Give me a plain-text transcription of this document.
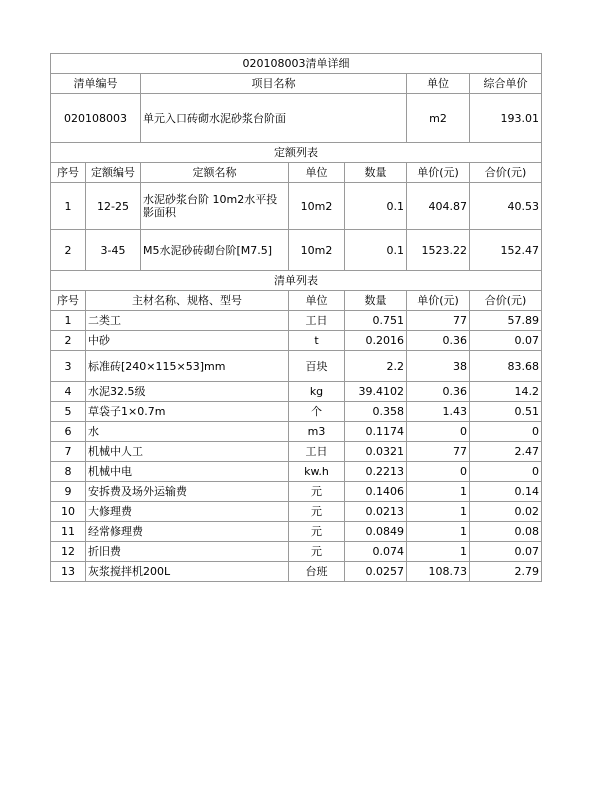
020108003清单详细						
清单编号		项目名称			单位	综合单价
020108003		单元入口砖砌水泥砂浆台阶面			m2	193.01
定额列表						
序号	定额编号	定额名称	单位	数量	单价(元)	合价(元)
1	12-25	水泥砂浆台阶 10m2水平投影面积	10m2	0.1	404.87	40.53
2	3-45	M5水泥砂砖砌台阶[M7.5]	10m2	0.1	1523.22	152.47
清单列表						
序号	主材名称、规格、型号		单位	数量	单价(元)	合价(元)
1	二类工		工日	0.751	77	57.89
2	中砂		t	0.2016	0.36	0.07
3	标准砖[240×115×53]mm		百块	2.2	38	83.68
4	水泥32.5级		kg	39.4102	0.36	14.2
5	草袋子1×0.7m		个	0.358	1.43	0.51
6	水		m3	0.1174	0	0
7	机械中人工		工日	0.0321	77	2.47
8	机械中电		kw.h	0.2213	0	0
9	安拆费及场外运输费		元	0.1406	1	0.14
10	大修理费		元	0.0213	1	0.02
11	经常修理费		元	0.0849	1	0.08
12	折旧费		元	0.074	1	0.07
13	灰浆搅拌机200L		台班	0.0257	108.73	2.79
